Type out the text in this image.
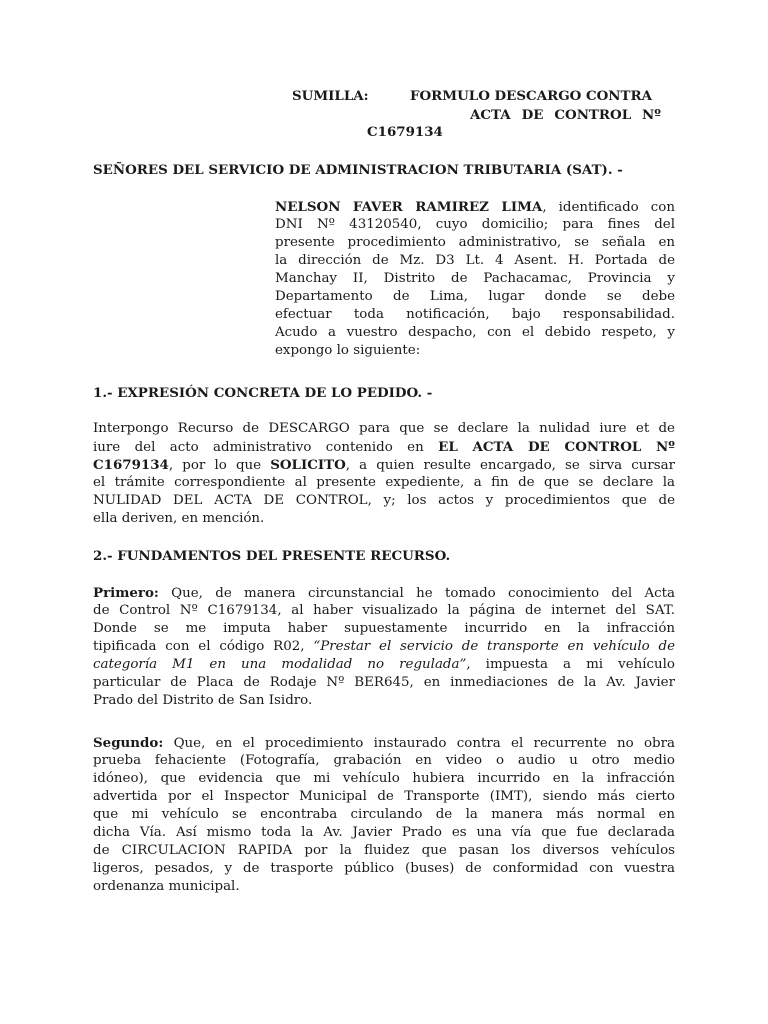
SUMILLA:	FORMULO DESCARGO CONTRA
ACTA DE CONTROL Nº
C1679134
SEÑORES DEL SERVICIO DE ADMINISTRACION TRIBUTARIA (SAT). -
NELSON FAVER RAMIREZ LIMA, identificado con
DNI Nº 43120540, cuyo domicilio; para fines del
presente procedimiento administrativo, se señala en
la dirección de Mz. D3 Lt. 4 Asent. H. Portada de
Manchay II, Distrito de Pachacamac, Provincia y
Departamento de Lima, lugar donde se debe
efectuar toda notificación, bajo responsabilidad.
Acudo a vuestro despacho, con el debido respeto, y
expongo lo siguiente:
1.- EXPRESIÓN CONCRETA DE LO PEDIDO. -
Interpongo Recurso de DESCARGO para que se declare la nulidad iure et de
iure del acto administrativo contenido en EL ACTA DE CONTROL Nº
C1679134, por lo que SOLICITO, a quien resulte encargado, se sirva cursar
el trámite correspondiente al presente expediente, a fin de que se declare la
NULIDAD DEL ACTA DE CONTROL, y; los actos y procedimientos que de
ella deriven, en mención.
2.- FUNDAMENTOS DEL PRESENTE RECURSO.
Primero: Que, de manera circunstancial he tomado conocimiento del Acta
de Control Nº C1679134, al haber visualizado la página de internet del SAT.
Donde se me imputa haber supuestamente incurrido en la infracción
tipificada con el código R02, “Prestar el servicio de transporte en vehículo de
categoría M1 en una modalidad no regulada”, impuesta a mi vehículo
particular de Placa de Rodaje Nº BER645, en inmediaciones de la Av. Javier
Prado del Distrito de San Isidro.
Segundo: Que, en el procedimiento instaurado contra el recurrente no obra
prueba fehaciente (Fotografía, grabación en video o audio u otro medio
idóneo), que evidencia que mi vehículo hubiera incurrido en la infracción
advertida por el Inspector Municipal de Transporte (IMT), siendo más cierto
que mi vehículo se encontraba circulando de la manera más normal en
dicha Vía. Así mismo toda la Av. Javier Prado es una vía que fue declarada
de CIRCULACION RAPIDA por la fluidez que pasan los diversos vehículos
ligeros, pesados, y de trasporte público (buses) de conformidad con vuestra
ordenanza municipal.
